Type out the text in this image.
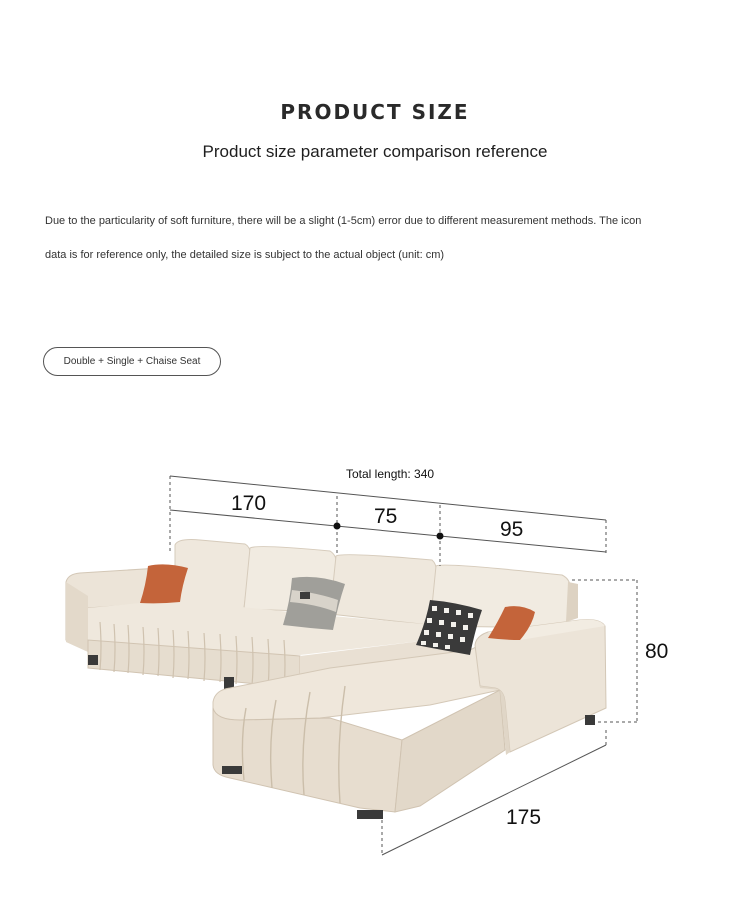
PRODUCT SIZE
Product size parameter comparison reference
Due to the particularity of soft furniture, there will be a slight (1-5cm) error due to different measurement methods. The icon
data is for reference only, the detailed size is subject to the actual object (unit: cm)
Double + Single + Chaise Seat
Total length: 340
170
75
95
80
175
